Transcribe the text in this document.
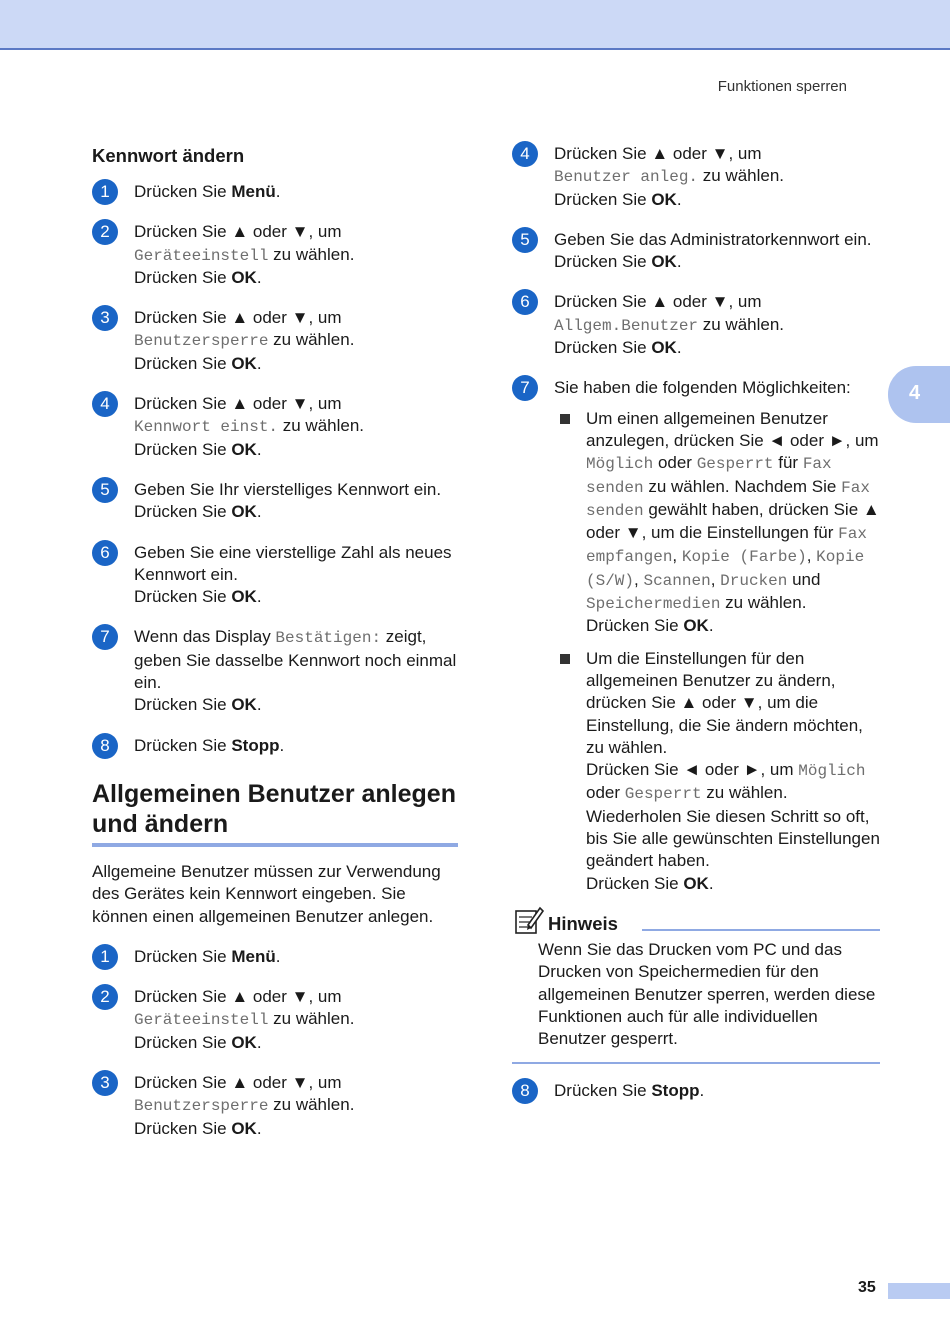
Funktionen sperren
4
Kennwort ändern
1	Drücken Sie Menü.
2	Drücken Sie ▲ oder ▼, um
Geräteeinstell zu wählen.
Drücken Sie OK.
3	Drücken Sie ▲ oder ▼, um
Benutzersperre zu wählen.
Drücken Sie OK.
4	Drücken Sie ▲ oder ▼, um
Kennwort einst. zu wählen.
Drücken Sie OK.
5	Geben Sie Ihr vierstelliges Kennwort ein.
Drücken Sie OK.
6	Geben Sie eine vierstellige Zahl als neues Kennwort ein.
Drücken Sie OK.
7	Wenn das Display Bestätigen: zeigt, geben Sie dasselbe Kennwort noch einmal ein.
Drücken Sie OK.
8	Drücken Sie Stopp.
Allgemeinen Benutzer anlegen und ändern
Allgemeine Benutzer müssen zur Verwendung des Gerätes kein Kennwort eingeben. Sie können einen allgemeinen Benutzer anlegen.
1	Drücken Sie Menü.
2	Drücken Sie ▲ oder ▼, um
Geräteeinstell zu wählen.
Drücken Sie OK.
3	Drücken Sie ▲ oder ▼, um
Benutzersperre zu wählen.
Drücken Sie OK.
4	Drücken Sie ▲ oder ▼, um
Benutzer anleg. zu wählen.
Drücken Sie OK.
5	Geben Sie das Administratorkennwort ein.
Drücken Sie OK.
6	Drücken Sie ▲ oder ▼, um
Allgem.Benutzer zu wählen.
Drücken Sie OK.
7	Sie haben die folgenden Möglichkeiten:
Um einen allgemeinen Benutzer anzulegen, drücken Sie ◄ oder ►, um Möglich oder Gesperrt für Fax senden zu wählen. Nachdem Sie Fax senden gewählt haben, drücken Sie ▲ oder ▼, um die Einstellungen für Fax empfangen, Kopie (Farbe), Kopie (S/W), Scannen, Drucken und Speichermedien zu wählen.
Drücken Sie OK.
Um die Einstellungen für den allgemeinen Benutzer zu ändern, drücken Sie ▲ oder ▼, um die Einstellung, die Sie ändern möchten, zu wählen.
Drücken Sie ◄ oder ►, um Möglich oder Gesperrt zu wählen.
Wiederholen Sie diesen Schritt so oft, bis Sie alle gewünschten Einstellungen geändert haben.
Drücken Sie OK.
Hinweis
Wenn Sie das Drucken vom PC und das Drucken von Speichermedien für den allgemeinen Benutzer sperren, werden diese Funktionen auch für alle individuellen Benutzer gesperrt.
8	Drücken Sie Stopp.
35
